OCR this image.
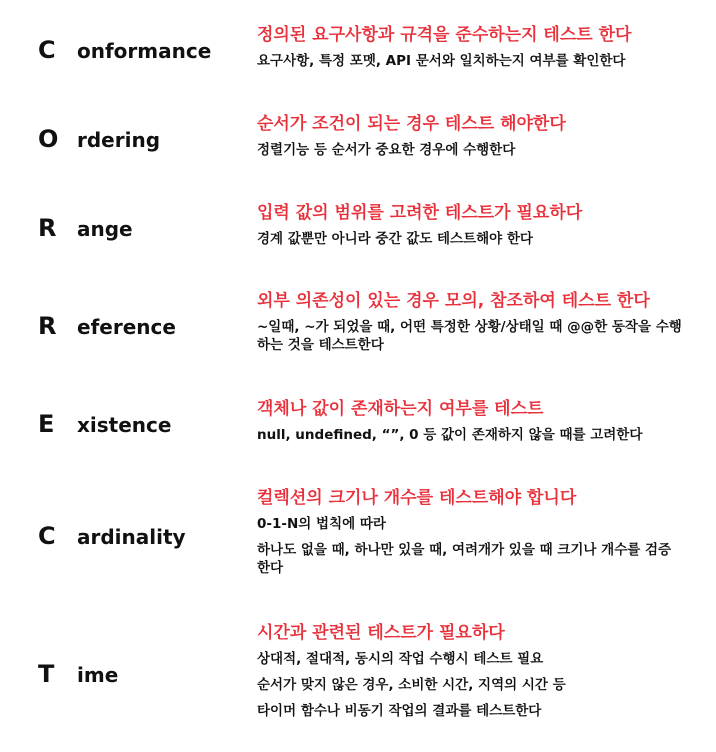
C onformance
정의된 요구사항과 규격을 준수하는지 테스트 한다
요구사항, 특정 포멧, API 문서와 일치하는지 여부를 확인한다
O rdering
순서가 조건이 되는 경우 테스트 해야한다
정렬기능 등 순서가 중요한 경우에 수행한다
R ange
입력 값의 범위를 고려한 테스트가 필요하다
경계 값뿐만 아니라 중간 값도 테스트해야 한다
R eference
외부 의존성이 있는 경우 모의, 참조하여 테스트 한다
~일때, ~가 되었을 때, 어떤 특정한 상황/상태일 때 @@한 동작을 수행하는 것을 테스트한다
E xistence
객체나 값이 존재하는지 여부를 테스트
null, undefined, “”, 0 등 값이 존재하지 않을 때를 고려한다
C ardinality
컬렉션의 크기나 개수를 테스트해야 합니다
0-1-N의 법칙에 따라
하나도 없을 때, 하나만 있을 때, 여려개가 있을 때 크기나 개수를 검증한다
T ime
시간과 관련된 테스트가 필요하다
상대적, 절대적, 동시의 작업 수행시 테스트 필요
순서가 맞지 않은 경우, 소비한 시간, 지역의 시간 등
타이머 함수나 비동기 작업의 결과를 테스트한다
